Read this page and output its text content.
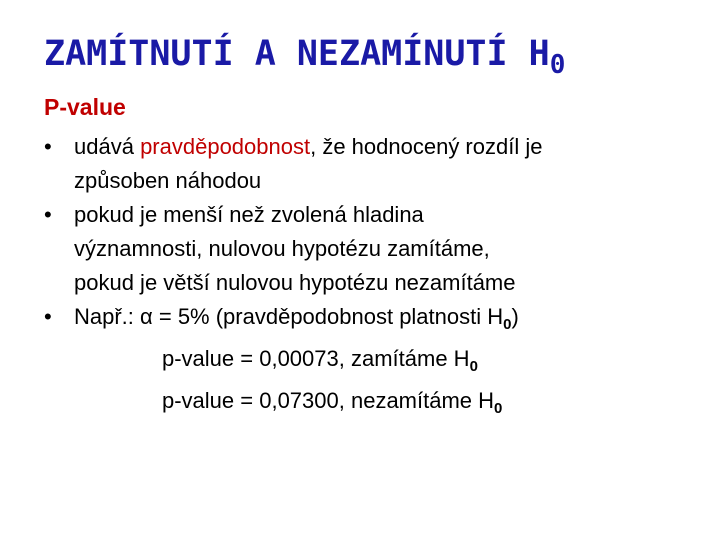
ZAMÍTNUTÍ A NEZAMÍNUTÍ $H_0$
P-value
• udává pravděpodobnost, že hodnocený rozdíl je
způsoben náhodou
• pokud je menší než zvolená hladina
významnosti, nulovou hypotézu zamítáme,
pokud je větší nulovou hypotézu nezamítáme
• Např.: α = 5% (pravděpodobnost platnosti $H_0$)
p-value = 0,00073, zamítáme $H_0$
p-value = 0,07300, nezamítáme $H_0$
